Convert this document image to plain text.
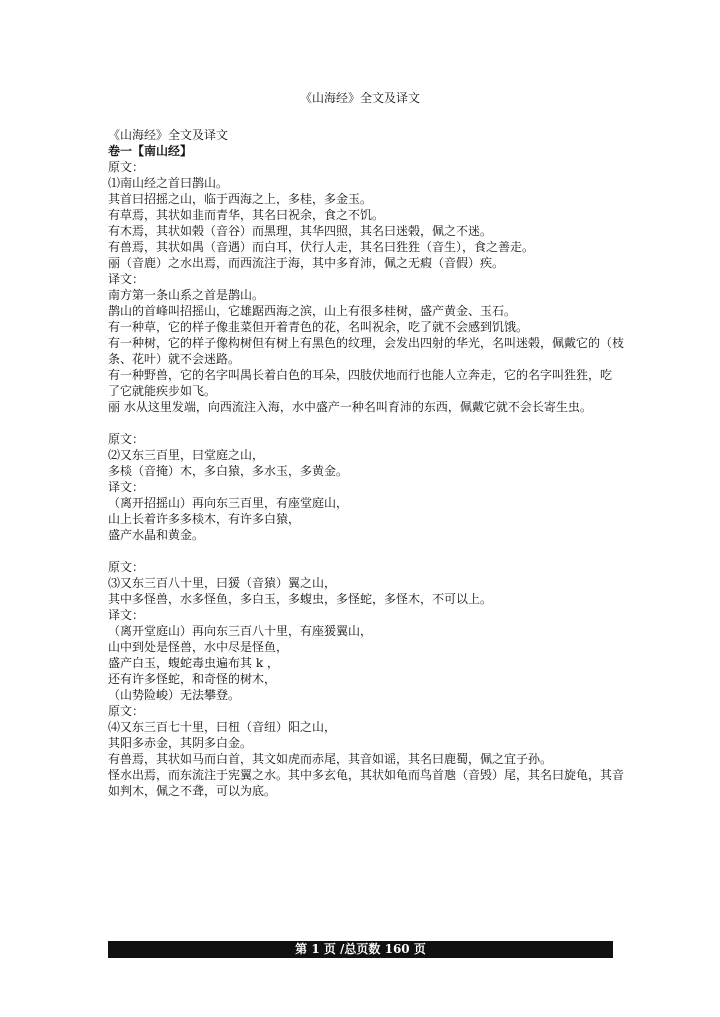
《山海经》全文及译文
《山海经》全文及译文
卷一【南山经】
原文：
⑴南山经之首曰鹊山。
其首曰招摇之山，临于西海之上，多桂，多金玉。
有草焉，其状如韭而青华，其名曰祝余，食之不饥。
有木焉，其状如榖（音谷）而黑理，其华四照，其名曰迷榖，佩之不迷。
有兽焉，其状如禺（音遇）而白耳，伏行人走，其名曰狌狌（音生），食之善走。
丽（音鹿）之水出焉，而西流注于海，其中多育沛，佩之无瘕（音假）疾。
译文：
南方第一条山系之首是鹊山。
鹊山的首峰叫招摇山，它雄踞西海之滨，山上有很多桂树，盛产黄金、玉石。
有一种草，它的样子像韭菜但开着青色的花，名叫祝余，吃了就不会感到饥饿。
有一种树，它的样子像构树但有树上有黑色的纹理，会发出四射的华光，名叫迷榖，佩戴它的（枝
条、花叶）就不会迷路。
有一种野兽，它的名字叫禺长着白色的耳朵，四肢伏地而行也能人立奔走，它的名字叫狌狌，吃
了它就能疾步如飞。
丽 水从这里发端，向西流注入海，水中盛产一种名叫育沛的东西，佩戴它就不会长寄生虫。
原文：
⑵又东三百里，曰堂庭之山，
多棪（音掩）木，多白猿，多水玉，多黄金。
译文：
（离开招摇山）再向东三百里，有座堂庭山，
山上长着许多多棪木，有许多白猿，
盛产水晶和黄金。
原文：
⑶又东三百八十里，曰猨（音猿）翼之山，
其中多怪兽，水多怪鱼，多白玉，多蝮虫，多怪蛇，多怪木，不可以上。
译文：
（离开堂庭山）再向东三百八十里，有座猨翼山，
山中到处是怪兽，水中尽是怪鱼，
盛产白玉，蝮蛇毒虫遍布其 k ，
还有许多怪蛇，和奇怪的树木，
（山势险峻）无法攀登。
原文：
⑷又东三百七十里，曰杻（音纽）阳之山，
其阳多赤金，其阴多白金。
有兽焉，其状如马而白首，其文如虎而赤尾，其音如谣，其名曰鹿蜀，佩之宜子孙。
怪水出焉，而东流注于宪翼之水。其中多玄龟，其状如龟而鸟首虺（音毁）尾，其名曰旋龟，其音
如判木，佩之不聋，可以为底。
第 1 页 /总页数 160 页
